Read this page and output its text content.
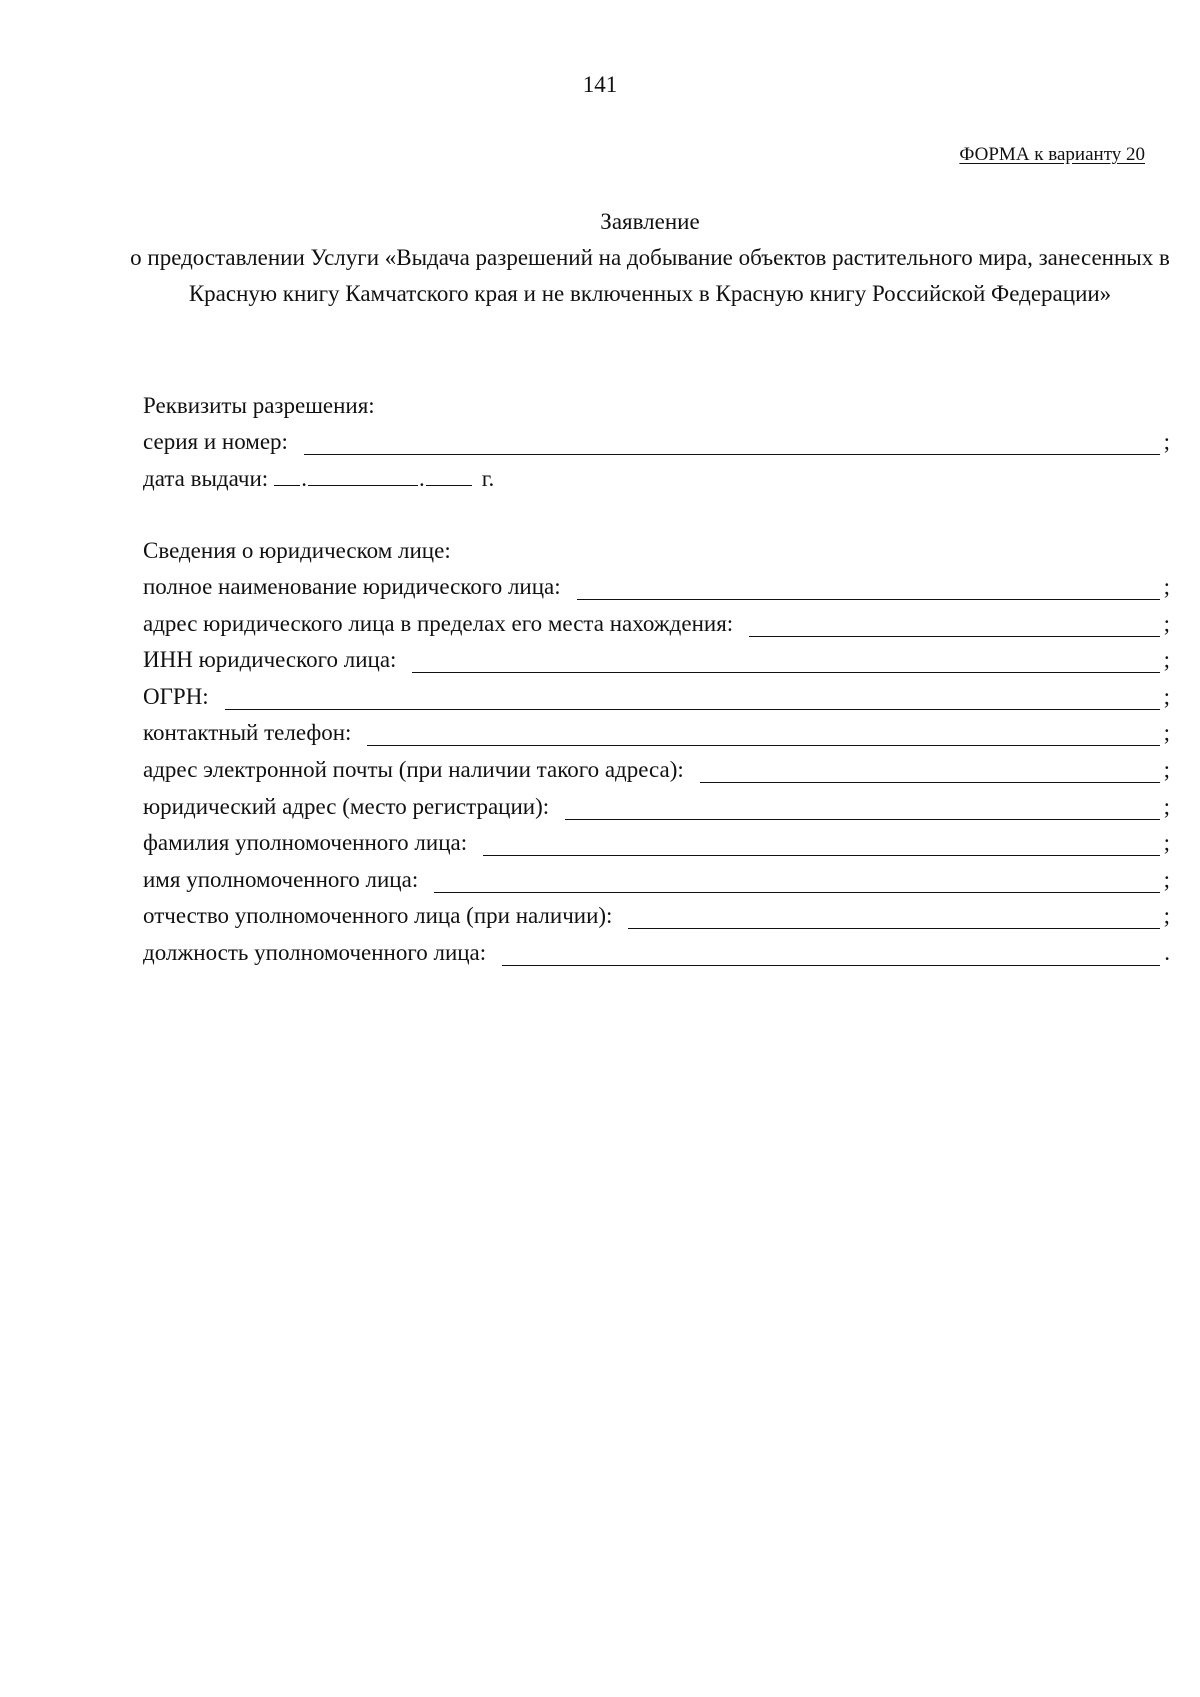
141
ФОРМА к варианту 20
Заявление
о предоставлении Услуги «Выдача разрешений на добывание объектов растительного мира, занесенных в Красную книгу Камчатского края и не включенных в Красную книгу Российской Федерации»
Реквизиты разрешения:
серия и номер:	;
дата выдачи: .	.	г.
Сведения о юридическом лице:
полное наименование юридического лица:	;
адрес юридического лица в пределах его места нахождения:	;
ИНН юридического лица:	;
ОГРН:	;
контактный телефон:	;
адрес электронной почты (при наличии такого адреса):	;
юридический адрес (место регистрации):	;
фамилия уполномоченного лица:	;
имя уполномоченного лица:	;
отчество уполномоченного лица (при наличии):	;
должность уполномоченного лица:	.
